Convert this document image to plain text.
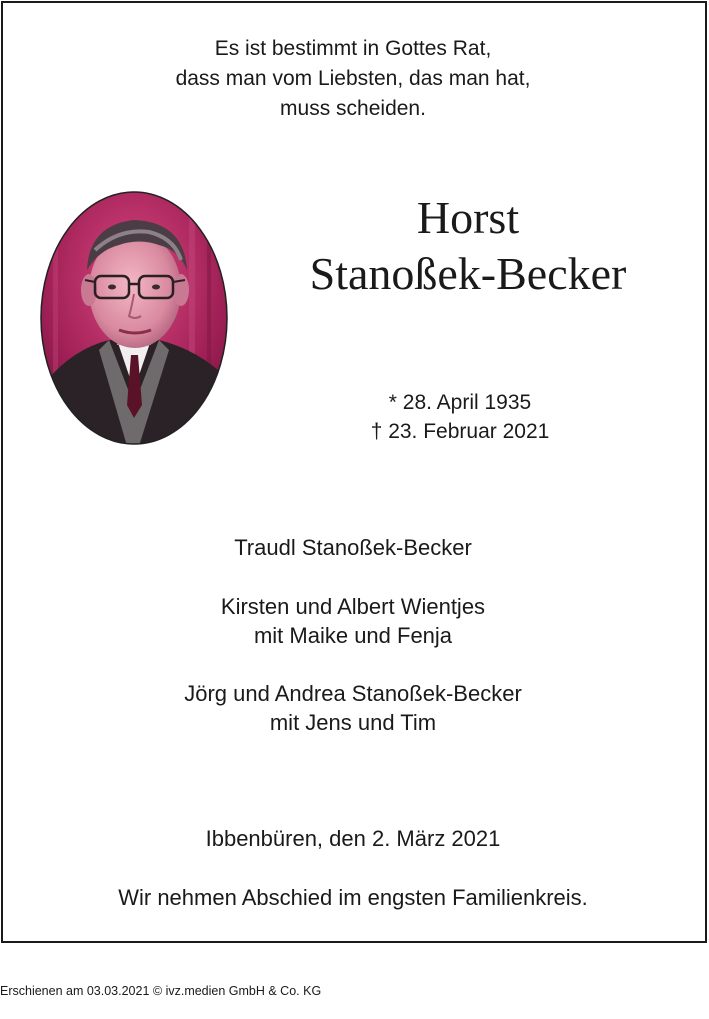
Es ist bestimmt in Gottes Rat,
dass man vom Liebsten, das man hat,
muss scheiden.
Horst
Stanoßek-Becker
* 28. April 1935
† 23. Februar 2021
Traudl Stanoßek-Becker
Kirsten und Albert Wientjes
mit Maike und Fenja
Jörg und Andrea Stanoßek-Becker
mit Jens und Tim
Ibbenbüren, den 2. März 2021
Wir nehmen Abschied im engsten Familienkreis.
Erschienen am 03.03.2021 © ivz.medien GmbH & Co. KG
